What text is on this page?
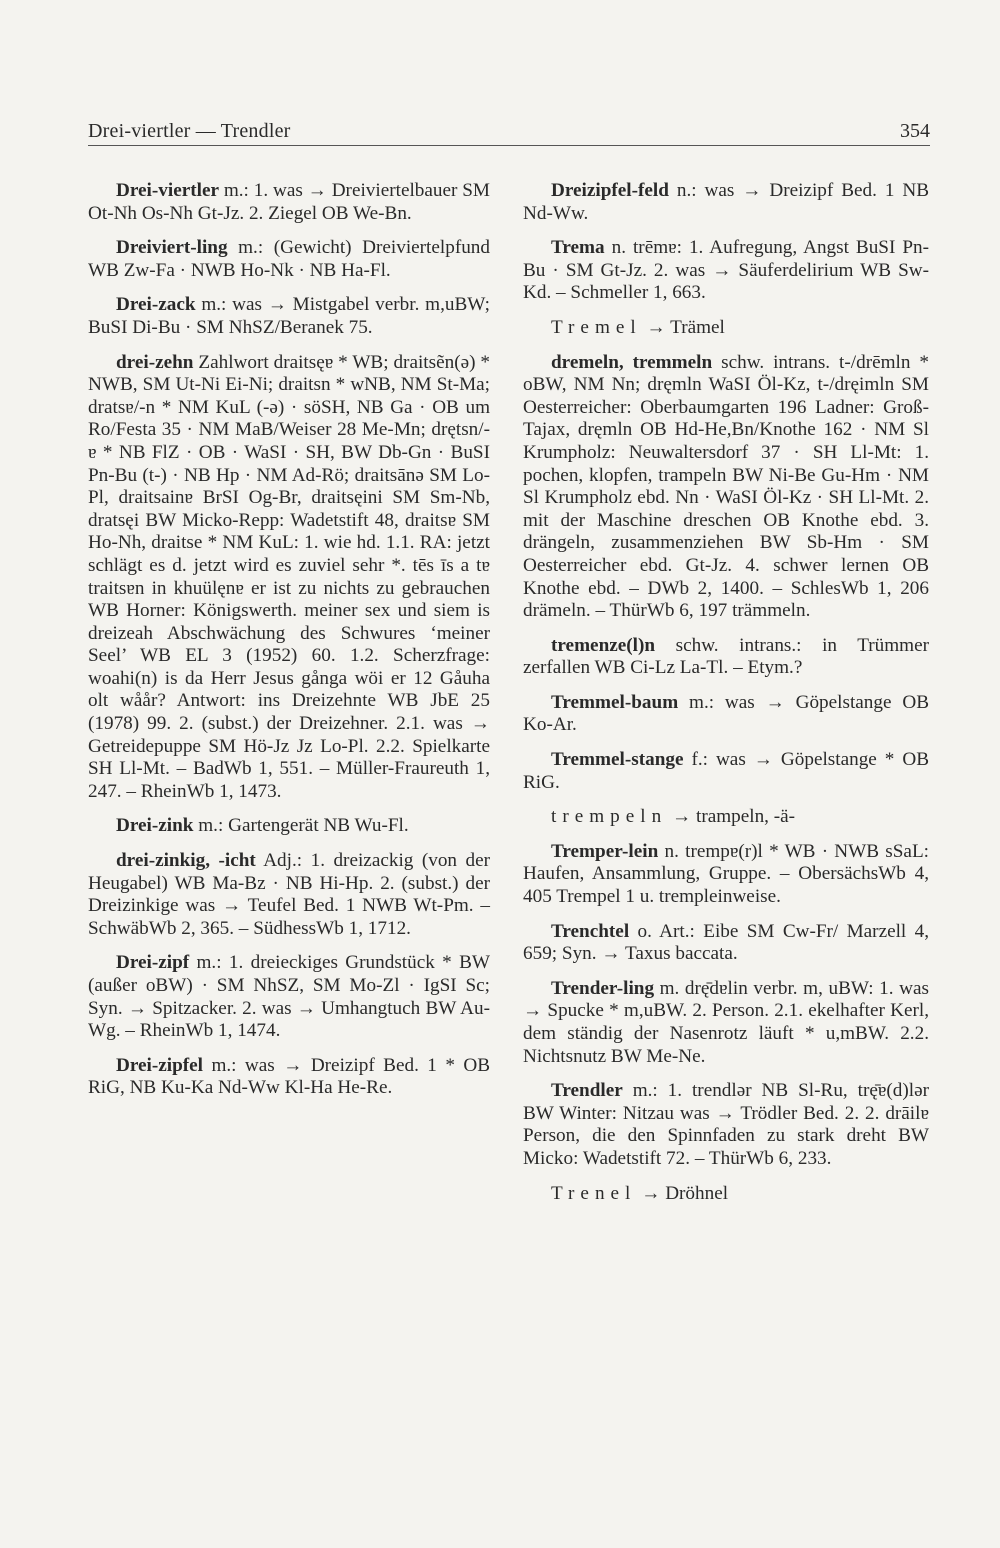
Drei-viertler — Trendler	354

Drei-viertler m.: 1. was → Dreiviertelbauer SM Ot-Nh Os-Nh Gt-Jz. 2. Ziegel OB We-Bn.

Dreiviert-ling m.: (Gewicht) Dreiviertelpfund WB Zw-Fa · NWB Ho-Nk · NB Ha-Fl.

Drei-zack m.: was → Mistgabel verbr. m,uBW; BuSI Di-Bu · SM NhSZ/Beranek 75.

drei-zehn Zahlwort draitsęɐ * WB; draitsẽn(ə) * NWB, SM Ut-Ni Ei-Ni; draitsn * wNB, NM St-Ma; dratsɐ/-n * NM KuL (-ə) · söSH, NB Ga · OB um Ro/Festa 35 · NM MaB/Weiser 28 Me-Mn; drętsn/-ɐ * NB FlZ · OB · WaSI · SH, BW Db-Gn · BuSI Pn-Bu (t-) · NB Hp · NM Ad-Rö; draitsānə SM Lo-Pl, draitsainɐ BrSI Og-Br, draitsęini SM Sm-Nb, dratsęi BW Micko-Repp: Wadetstift 48, draitsɐ SM Ho-Nh, draitse * NM KuL: 1. wie hd. 1.1. RA: jetzt schlägt es d. jetzt wird es zuviel sehr *. tēs īs a tɐ traitsɐn in khuülęnɐ er ist zu nichts zu gebrauchen WB Horner: Königswerth. meiner sex und siem is dreizeah Abschwächung des Schwures ‘meiner Seel’ WB EL 3 (1952) 60. 1.2. Scherzfrage: woahi(n) is da Herr Jesus gånga wöi er 12 Gåuha olt wåår? Antwort: ins Dreizehnte WB JbE 25 (1978) 99. 2. (subst.) der Dreizehner. 2.1. was → Getreidepuppe SM Hö-Jz Jz Lo-Pl. 2.2. Spielkarte SH Ll-Mt. – BadWb 1, 551. – Müller-Fraureuth 1, 247. – RheinWb 1, 1473.

Drei-zink m.: Gartengerät NB Wu-Fl.

drei-zinkig, -icht Adj.: 1. dreizackig (von der Heugabel) WB Ma-Bz · NB Hi-Hp. 2. (subst.) der Dreizinkige was → Teufel Bed. 1 NWB Wt-Pm. – SchwäbWb 2, 365. – SüdhessWb 1, 1712.

Drei-zipf m.: 1. dreieckiges Grundstück * BW (außer oBW) · SM NhSZ, SM Mo-Zl · IgSI Sc; Syn. → Spitzacker. 2. was → Umhangtuch BW Au-Wg. – RheinWb 1, 1474.

Drei-zipfel m.: was → Dreizipf Bed. 1 * OB RiG, NB Ku-Ka Nd-Ww Kl-Ha He-Re.

Dreizipfel-feld n.: was → Dreizipf Bed. 1 NB Nd-Ww.

Trema n. trēmɐ: 1. Aufregung, Angst BuSI Pn-Bu · SM Gt-Jz. 2. was → Säuferdelirium WB Sw-Kd. – Schmeller 1, 663.

Tremel → Trämel

dremeln, tremmeln schw. intrans. t-/drēmln * oBW, NM Nn; dręmln WaSI Öl-Kz, t-/dręimln SM Oesterreicher: Oberbaumgarten 196 Ladner: Groß-Tajax, dręmln OB Hd-He,Bn/Knothe 162 · NM Sl Krumpholz: Neuwaltersdorf 37 · SH Ll-Mt: 1. pochen, klopfen, trampeln BW Ni-Be Gu-Hm · NM Sl Krumpholz ebd. Nn · WaSI Öl-Kz · SH Ll-Mt. 2. mit der Maschine dreschen OB Knothe ebd. 3. drängeln, zusammenziehen BW Sb-Hm · SM Oesterreicher ebd. Gt-Jz. 4. schwer lernen OB Knothe ebd. – DWb 2, 1400. – SchlesWb 1, 206 drämeln. – ThürWb 6, 197 trämmeln.

tremenze(l)n schw. intrans.: in Trümmer zerfallen WB Ci-Lz La-Tl. – Etym.?

Tremmel-baum m.: was → Göpelstange OB Ko-Ar.

Tremmel-stange f.: was → Göpelstange * OB RiG.

trempeln → trampeln, -ä-

Tremper-lein n. trempɐ(r)l * WB · NWB sSaL: Haufen, Ansammlung, Gruppe. – ObersächsWb 4, 405 Trempel 1 u. trempleinweise.

Trenchtel o. Art.: Eibe SM Cw-Fr/ Marzell 4, 659; Syn. → Taxus baccata.

Trender-ling m. drę̄dɐlin verbr. m, uBW: 1. was → Spucke * m,uBW. 2. Person. 2.1. ekelhafter Kerl, dem ständig der Nasenrotz läuft * u,mBW. 2.2. Nichtsnutz BW Me-Ne.

Trendler m.: 1. trendlər NB Sl-Ru, trę̄ɐ(d)lər BW Winter: Nitzau was → Trödler Bed. 2. 2. drāilɐ Person, die den Spinnfaden zu stark dreht BW Micko: Wadetstift 72. – ThürWb 6, 233.

Trenel → Dröhnel
